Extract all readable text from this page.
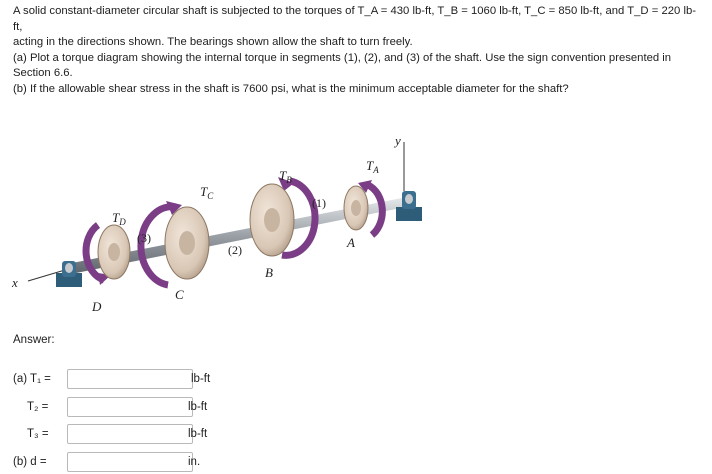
A solid constant-diameter circular shaft is subjected to the torques of T_A = 430 lb-ft, T_B = 1060 lb-ft, T_C = 850 lb-ft, and T_D = 220 lb-ft,

acting in the directions shown. The bearings shown allow the shaft to turn freely.

(a) Plot a torque diagram showing the internal torque in segments (1), (2), and (3) of the shaft. Use the sign convention presented in

Section 6.6.

(b) If the allowable shear stress in the shaft is 7600 psi, what is the minimum acceptable diameter for the shaft?

x
y
D
C
B
A
$T_D$
$T_C$
$T_B$
$T_A$
(3)
(2)
(1)
Answer:
(a) T₁ =	lb-ft
T₂ =	lb-ft
T₃ =	lb-ft
(b) d =	in.
